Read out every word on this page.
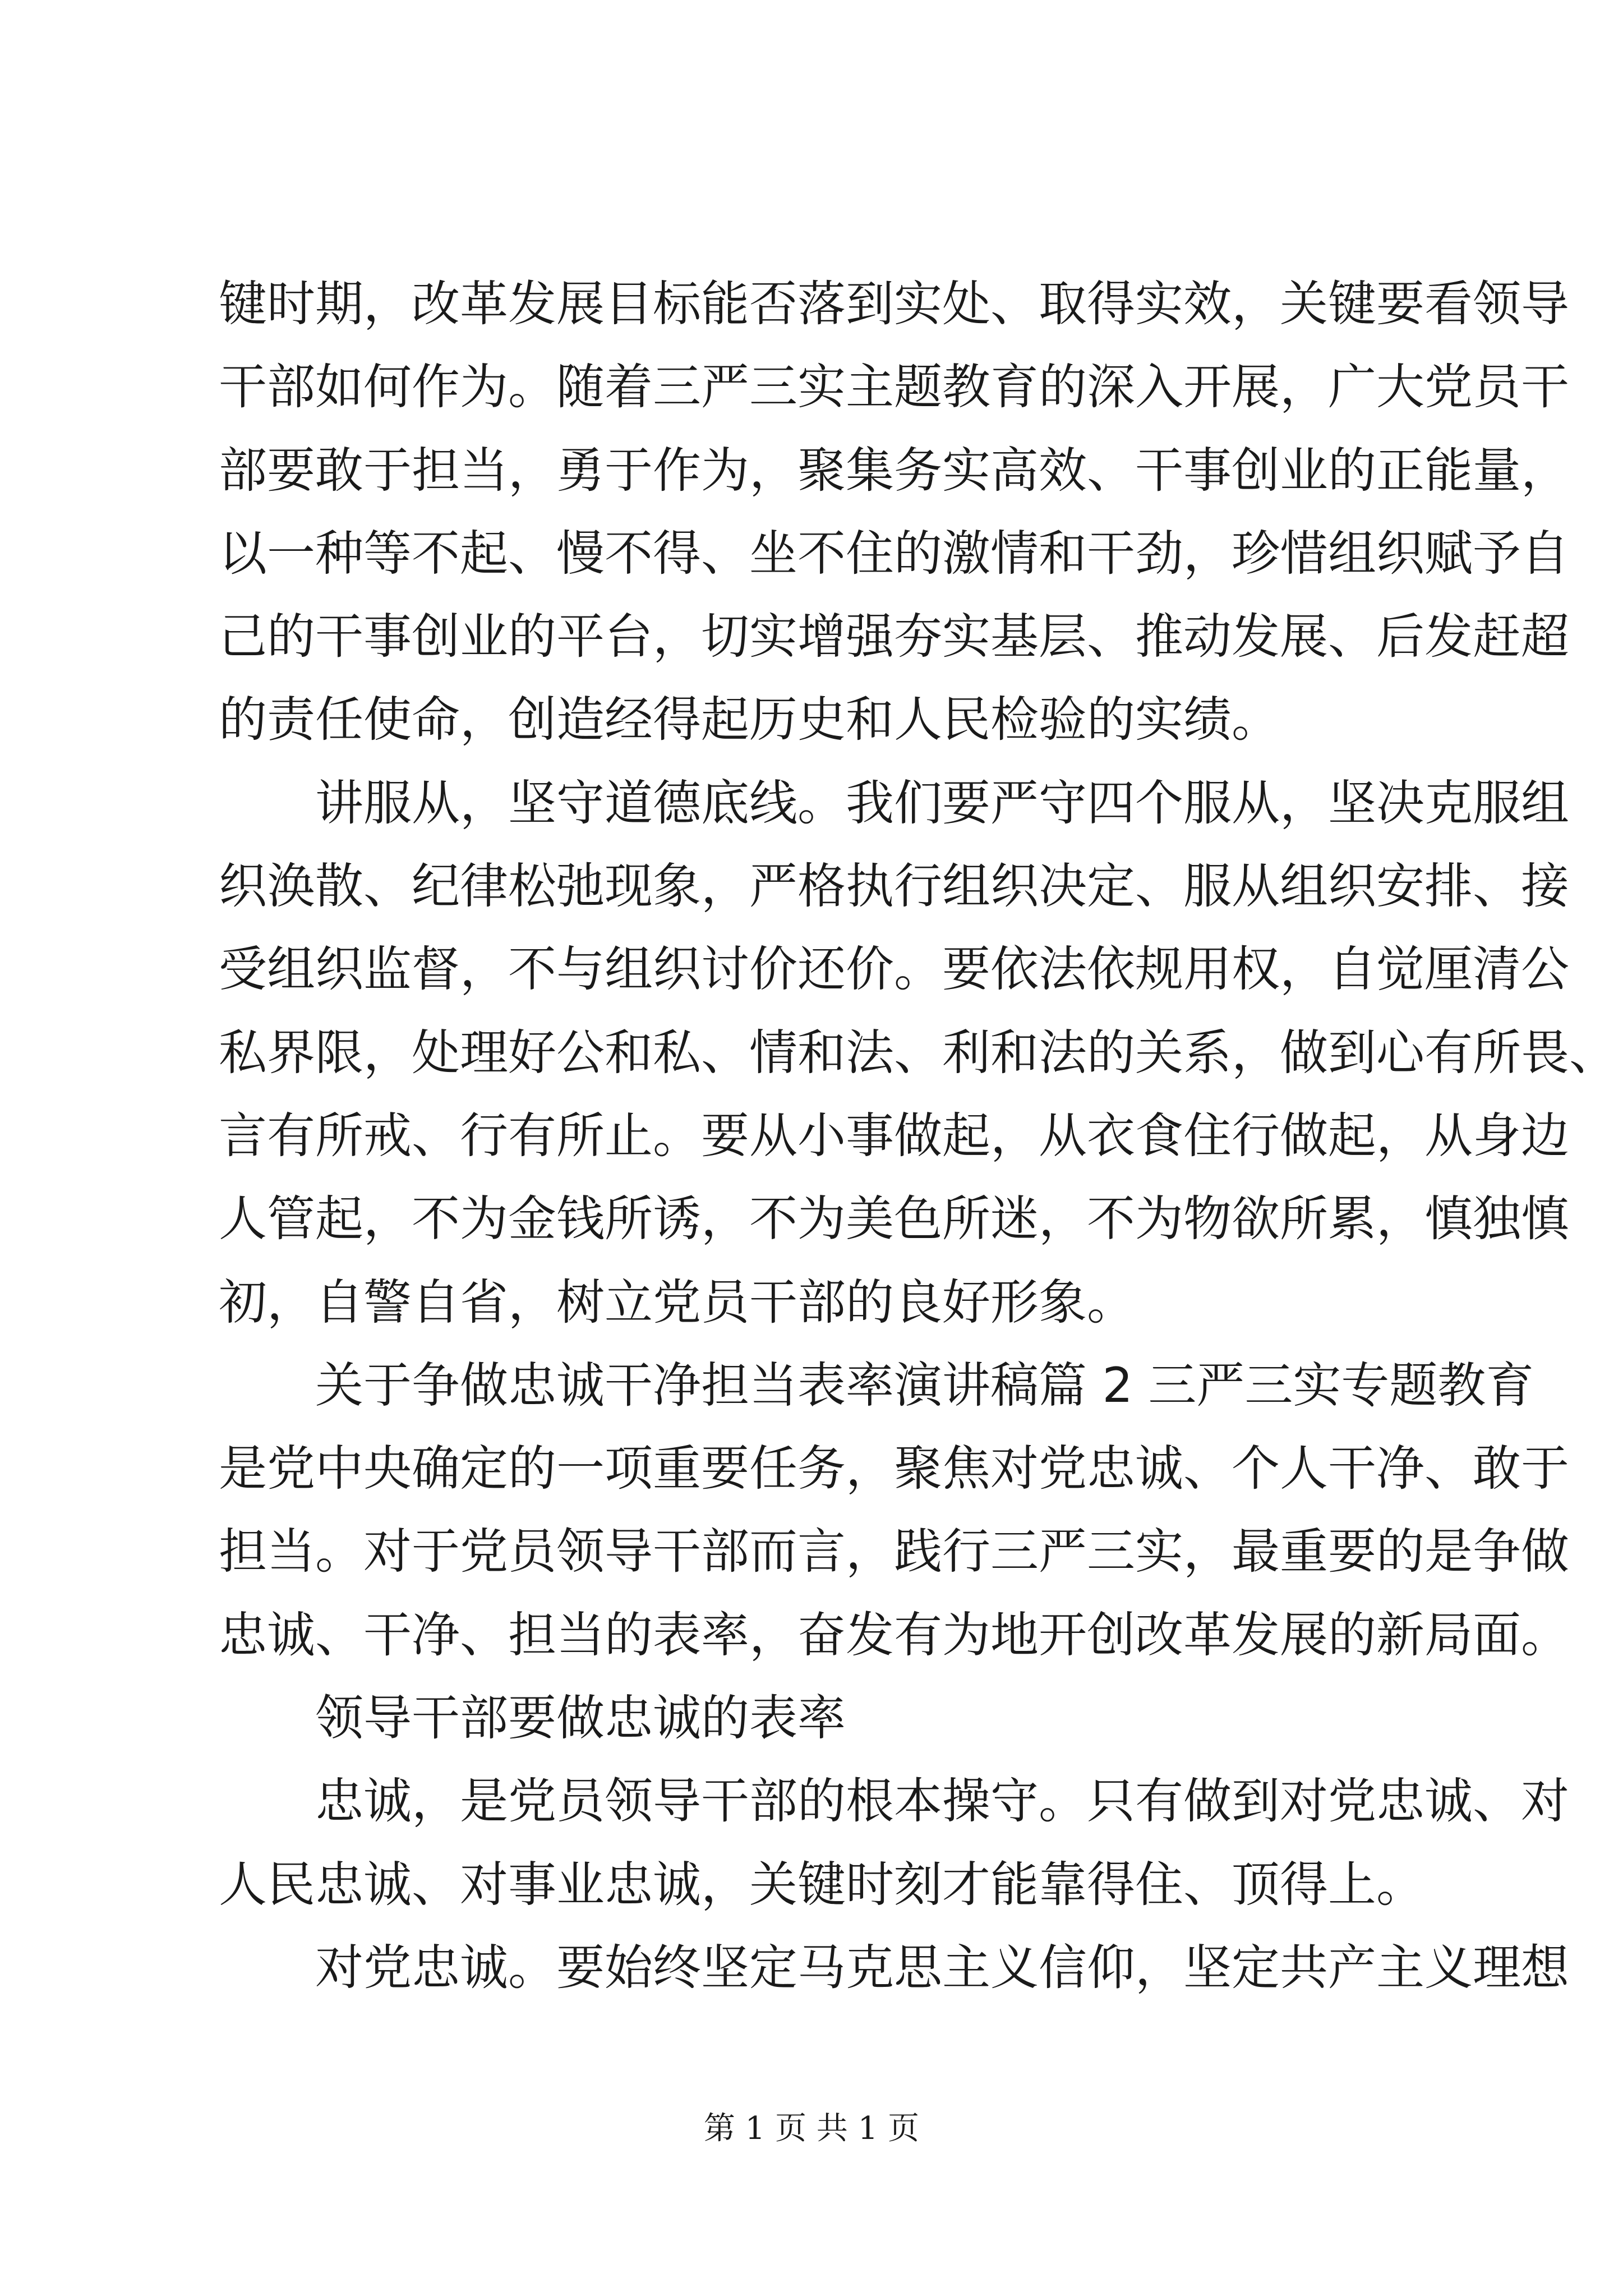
键时期，改革发展目标能否落到实处、取得实效，关键要看领导
干部如何作为。随着三严三实主题教育的深入开展，广大党员干
部要敢于担当，勇于作为，聚集务实高效、干事创业的正能量，
以一种等不起、慢不得、坐不住的激情和干劲，珍惜组织赋予自
己的干事创业的平台，切实增强夯实基层、推动发展、后发赶超
的责任使命，创造经得起历史和人民检验的实绩。
讲服从，坚守道德底线。我们要严守四个服从，坚决克服组
织涣散、纪律松弛现象，严格执行组织决定、服从组织安排、接
受组织监督，不与组织讨价还价。要依法依规用权，自觉厘清公
私界限，处理好公和私、情和法、利和法的关系，做到心有所畏、
言有所戒、行有所止。要从小事做起，从衣食住行做起，从身边
人管起，不为金钱所诱，不为美色所迷，不为物欲所累，慎独慎
初，自警自省，树立党员干部的良好形象。
关于争做忠诚干净担当表率演讲稿篇 2 三严三实专题教育
是党中央确定的一项重要任务，聚焦对党忠诚、个人干净、敢于
担当。对于党员领导干部而言，践行三严三实，最重要的是争做
忠诚、干净、担当的表率，奋发有为地开创改革发展的新局面。
领导干部要做忠诚的表率
忠诚，是党员领导干部的根本操守。只有做到对党忠诚、对
人民忠诚、对事业忠诚，关键时刻才能靠得住、顶得上。
对党忠诚。要始终坚定马克思主义信仰，坚定共产主义理想
第 1 页 共 1 页
